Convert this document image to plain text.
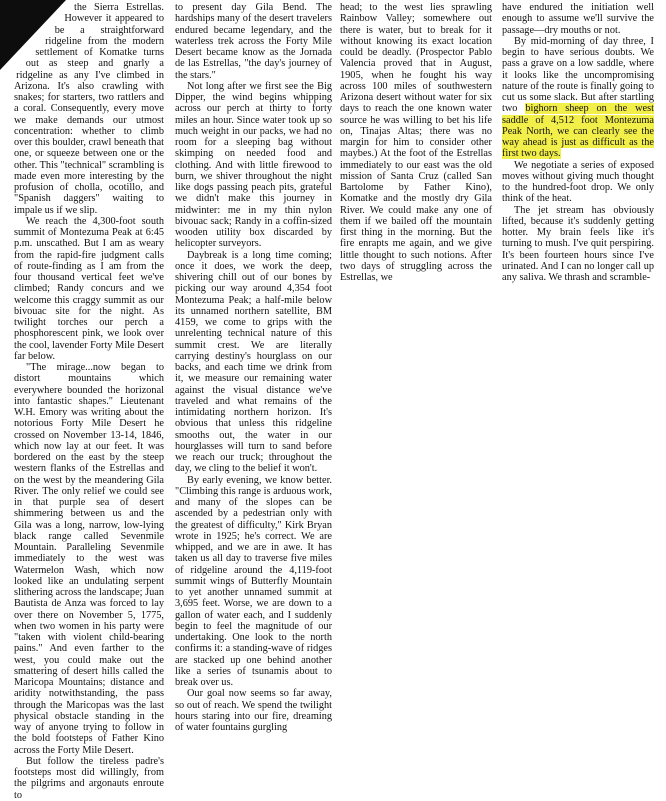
the Sierra Estrellas. However it appeared to be a straightforward ridgeline from the modern settlement of Komatke turns out as steep and gnarly a ridgeline as any I've climbed in Arizona. It's also crawling with snakes; for starters, two rattlers and a coral. Consequently, every move we make demands our utmost concentration: whether to climb over this boulder, crawl beneath that one, or squeeze between one or the other. This "technical" scrambling is made even more interesting by the profusion of cholla, ocotillo, and "Spanish daggers" waiting to impale us if we slip.

We reach the 4,300-foot south summit of Montezuma Peak at 6:45 p.m. unscathed. But I am as weary from the rapid-fire judgment calls of route-finding as I am from the four thousand vertical feet we've climbed; Randy concurs and we welcome this craggy summit as our bivouac site for the night. As twilight torches our perch a phosphorescent pink, we look over the cool, lavender Forty Mile Desert far below.

"The mirage...now began to distort mountains which everywhere bounded the horizonal into fantastic shapes." Lieutenant W.H. Emory was writing about the notorious Forty Mile Desert he crossed on November 13-14, 1846, which now lay at our feet. It was bordered on the east by the steep western flanks of the Estrellas and on the west by the meandering Gila River. The only relief we could see in that purple sea of desert shimmering between us and the Gila was a long, narrow, low-lying black range called Sevenmile Mountain. Paralleling Sevenmile immediately to the west was Watermelon Wash, which now looked like an undulating serpent slithering across the landscape; Juan Bautista de Anza was forced to lay over there on November 5, 1775, when two women in his party were "taken with violent child-bearing pains." And even farther to the west, you could make out the smattering of desert hills called the Maricopa Mountains; distance and aridity notwithstanding, the pass through the Maricopas was the last physical obstacle standing in the way of anyone trying to follow in the bold footsteps of Father Kino across the Forty Mile Desert.

But follow the tireless padre's footsteps most did willingly, from the pilgrims and argonauts enroute to

to present day Gila Bend. The hardships many of the desert travelers endured became legendary, and the waterless trek across the Forty Mile Desert became know as the Jornada de las Estrellas, "the day's journey of the stars."

Not long after we first see the Big Dipper, the wind begins whipping across our perch at thirty to forty miles an hour. Since water took up so much weight in our packs, we had no room for a sleeping bag without skimping on needed food and clothing. And with little firewood to burn, we shiver throughout the night like dogs passing peach pits, grateful we didn't make this journey in midwinter: me in my thin nylon bivouac sack; Randy in a coffin-sized wooden utility box discarded by helicopter surveyors.

Daybreak is a long time coming; once it does, we work the deep, shivering chill out of our bones by picking our way around 4,354 foot Montezuma Peak; a half-mile below its unnamed northern satellite, BM 4159, we come to grips with the unrelenting technical nature of this summit crest. We are literally carrying destiny's hourglass on our backs, and each time we drink from it, we measure our remaining water against the visual distance we've traveled and what remains of the intimidating northern horizon. It's obvious that unless this ridgeline smooths out, the water in our hourglasses will turn to sand before we reach our truck; throughout the day, we cling to the belief it won't.

By early evening, we know better. "Climbing this range is arduous work, and many of the slopes can be ascended by a pedestrian only with the greatest of difficulty," Kirk Bryan wrote in 1925; he's correct. We are whipped, and we are in awe. It has taken us all day to traverse five miles of ridgeline around the 4,119-foot summit wings of Butterfly Mountain to yet another unnamed summit at 3,695 feet. Worse, we are down to a gallon of water each, and I suddenly begin to feel the magnitude of our undertaking. One look to the north confirms it: a standing-wave of ridges are stacked up one behind another like a series of tsunamis about to break over us.

Our goal now seems so far away, so out of reach. We spend the twilight hours staring into our fire, dreaming of water fountains gurgling

head; to the west lies sprawling Rainbow Valley; somewhere out there is water, but to break for it without knowing its exact location could be deadly. (Prospector Pablo Valencia proved that in August, 1905, when he fought his way across 100 miles of southwestern Arizona desert without water for six days to reach the one known water source he was willing to bet his life on, Tinajas Altas; there was no margin for him to consider other maybes.) At the foot of the Estrellas immediately to our east was the old mission of Santa Cruz (called San Bartolome by Father Kino), Komatke and the mostly dry Gila River. We could make any one of them if we bailed off the mountain first thing in the morning. But the fire enrapts me again, and we give little thought to such notions. After two days of struggling across the Estrellas, we

have endured the initiation well enough to assume we'll survive the passage—dry mouths or not.

By mid-morning of day three, I begin to have serious doubts. We pass a grave on a low saddle, where it looks like the uncompromising nature of the route is finally going to cut us some slack. But after startling two bighorn sheep on the west saddle of 4,512 foot Montezuma Peak North, we can clearly see the way ahead is just as difficult as the first two days.

We negotiate a series of exposed moves without giving much thought to the hundred-foot drop. We only think of the heat.

The jet stream has obviously lifted, because it's suddenly getting hotter. My brain feels like it's turning to mush. I've quit perspiring. It's been fourteen hours since I've urinated. And I can no longer call up any saliva. We thrash and scramble-
